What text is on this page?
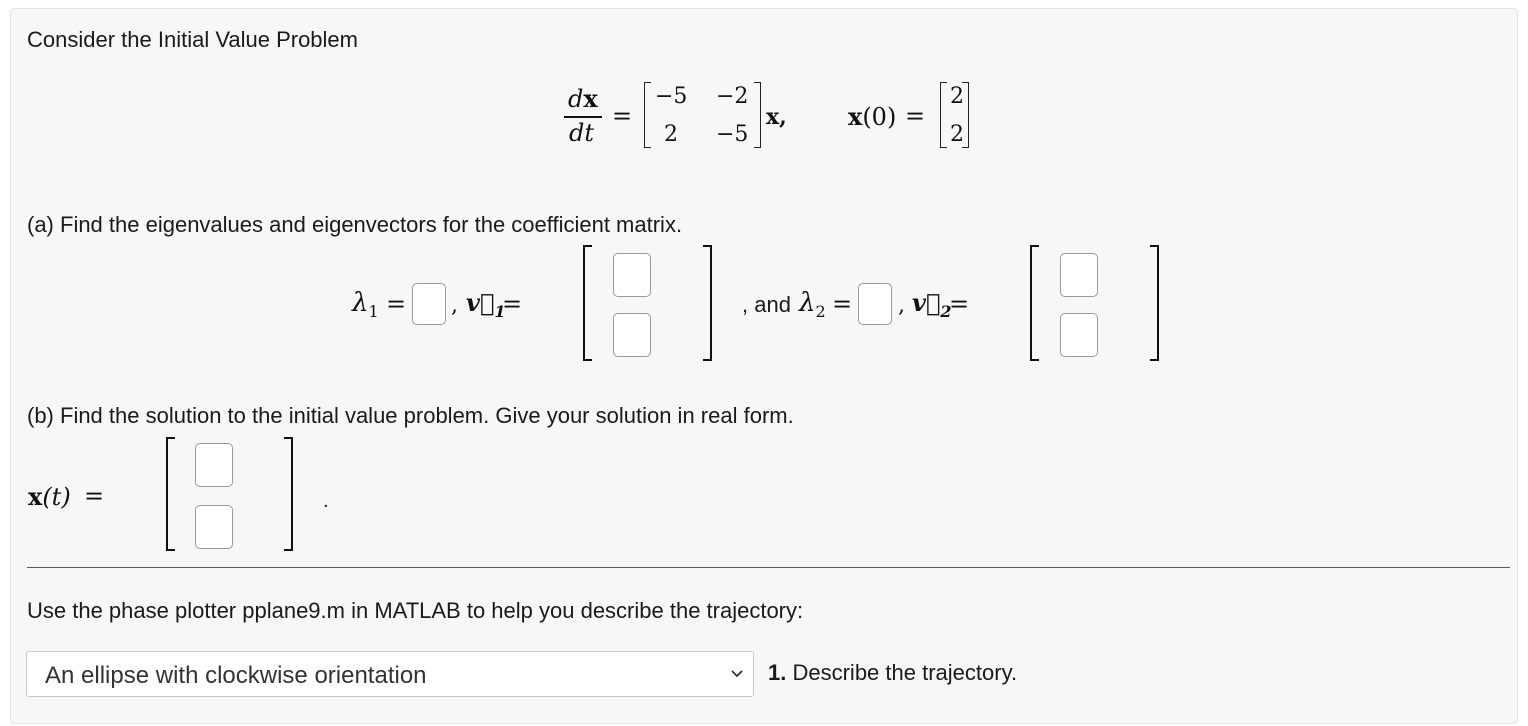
Consider the Initial Value Problem
dx
dt
=
−5 −2
2 −5
x,	x(0) =
2
2
(a) Find the eigenvalues and eigenvectors for the coefficient matrix.
$\lambda_1$ = , $v⃗_1$
=	, and $\lambda_2$ = , $v⃗_2$
=
(b) Find the solution to the initial value problem. Give your solution in real form.
x(t) =	.
Use the phase plotter pplane9.m in MATLAB to help you describe the trajectory:
An ellipse with clockwise orientation	1. Describe the trajectory.
